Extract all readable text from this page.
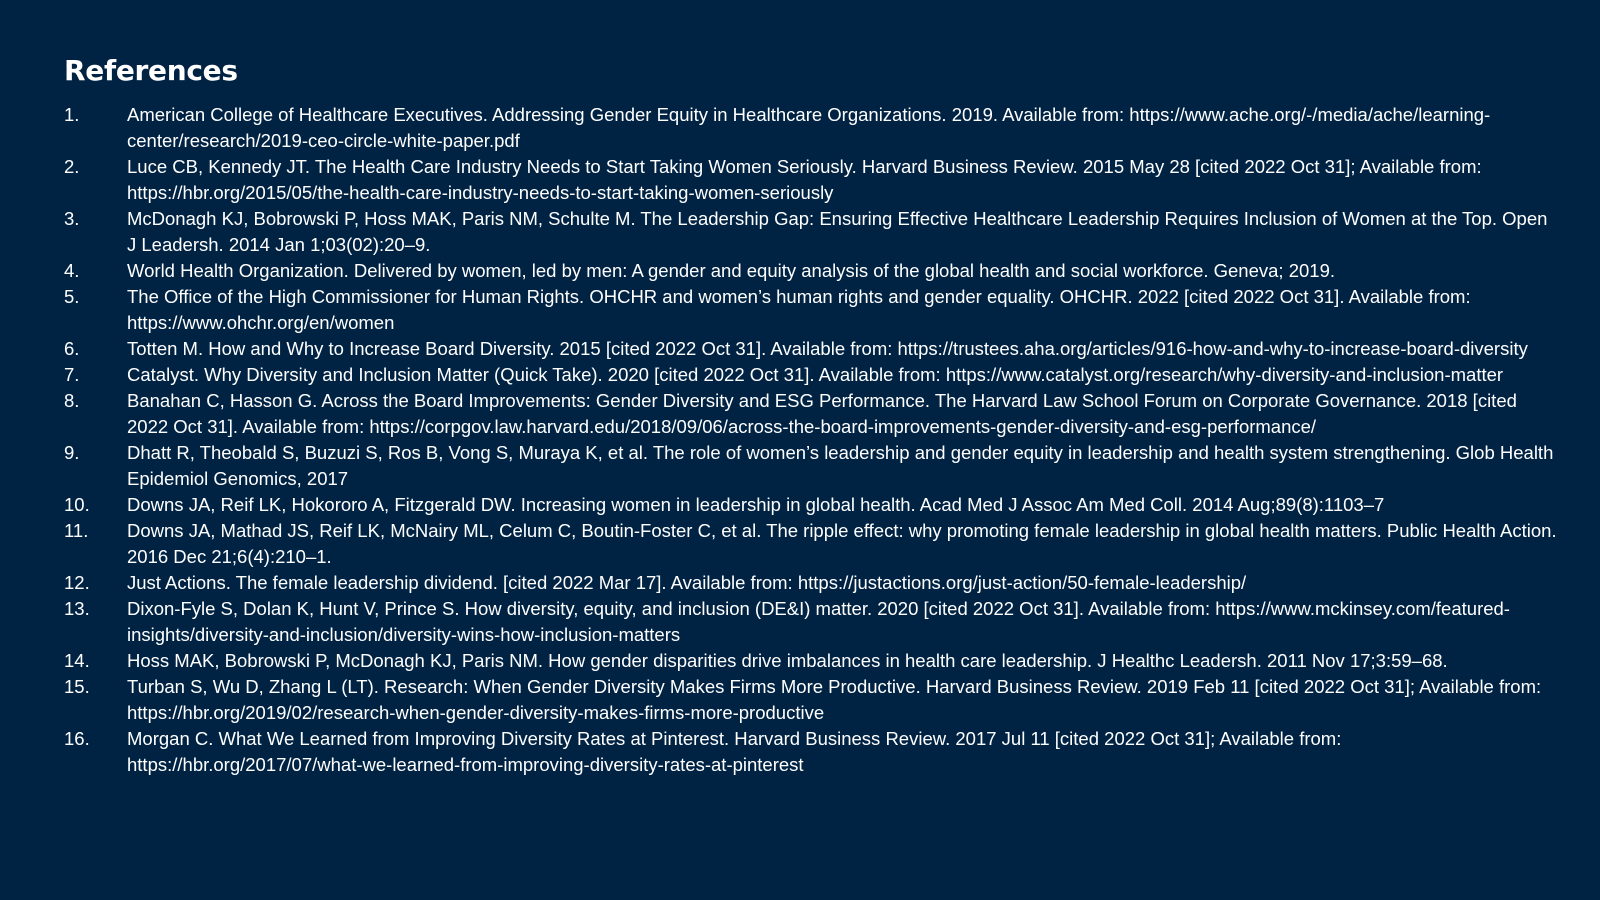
References
1.	American College of Healthcare Executives. Addressing Gender Equity in Healthcare Organizations. 2019. Available from: https://www.ache.org/-/media/ache/learning-center/research/2019-ceo-circle-white-paper.pdf
2.	Luce CB, Kennedy JT. The Health Care Industry Needs to Start Taking Women Seriously. Harvard Business Review. 2015 May 28 [cited 2022 Oct 31]; Available from: https://hbr.org/2015/05/the-health-care-industry-needs-to-start-taking-women-seriously
3.	McDonagh KJ, Bobrowski P, Hoss MAK, Paris NM, Schulte M. The Leadership Gap: Ensuring Effective Healthcare Leadership Requires Inclusion of Women at the Top. Open J Leadersh. 2014 Jan 1;03(02):20–9.
4.	World Health Organization. Delivered by women, led by men: A gender and equity analysis of the global health and social workforce. Geneva; 2019.
5.	The Office of the High Commissioner for Human Rights. OHCHR and women’s human rights and gender equality. OHCHR. 2022 [cited 2022 Oct 31]. Available from: https://www.ohchr.org/en/women
6.	Totten M. How and Why to Increase Board Diversity. 2015 [cited 2022 Oct 31]. Available from: https://trustees.aha.org/articles/916-how-and-why-to-increase-board-diversity
7.	Catalyst. Why Diversity and Inclusion Matter (Quick Take). 2020 [cited 2022 Oct 31]. Available from: https://www.catalyst.org/research/why-diversity-and-inclusion-matter
8.	Banahan C, Hasson G. Across the Board Improvements: Gender Diversity and ESG Performance. The Harvard Law School Forum on Corporate Governance. 2018 [cited 2022 Oct 31]. Available from: https://corpgov.law.harvard.edu/2018/09/06/across-the-board-improvements-gender-diversity-and-esg-performance/
9.	Dhatt R, Theobald S, Buzuzi S, Ros B, Vong S, Muraya K, et al. The role of women’s leadership and gender equity in leadership and health system strengthening. Glob Health Epidemiol Genomics, 2017
10.	Downs JA, Reif LK, Hokororo A, Fitzgerald DW. Increasing women in leadership in global health. Acad Med J Assoc Am Med Coll. 2014 Aug;89(8):1103–7
11.	Downs JA, Mathad JS, Reif LK, McNairy ML, Celum C, Boutin-Foster C, et al. The ripple effect: why promoting female leadership in global health matters. Public Health Action. 2016 Dec 21;6(4):210–1.
12.	Just Actions. The female leadership dividend. [cited 2022 Mar 17]. Available from: https://justactions.org/just-action/50-female-leadership/
13.	Dixon-Fyle S, Dolan K, Hunt V, Prince S. How diversity, equity, and inclusion (DE&I) matter. 2020 [cited 2022 Oct 31]. Available from: https://www.mckinsey.com/featured-insights/diversity-and-inclusion/diversity-wins-how-inclusion-matters
14.	Hoss MAK, Bobrowski P, McDonagh KJ, Paris NM. How gender disparities drive imbalances in health care leadership. J Healthc Leadersh. 2011 Nov 17;3:59–68.
15.	Turban S, Wu D, Zhang L (LT). Research: When Gender Diversity Makes Firms More Productive. Harvard Business Review. 2019 Feb 11 [cited 2022 Oct 31]; Available from: https://hbr.org/2019/02/research-when-gender-diversity-makes-firms-more-productive
16.	Morgan C. What We Learned from Improving Diversity Rates at Pinterest. Harvard Business Review. 2017 Jul 11 [cited 2022 Oct 31]; Available from: https://hbr.org/2017/07/what-we-learned-from-improving-diversity-rates-at-pinterest
